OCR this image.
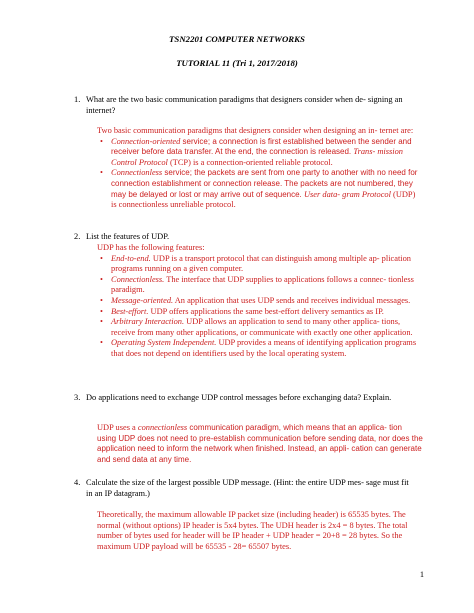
TSN2201 COMPUTER NETWORKS
TUTORIAL 11 (Tri 1, 2017/2018)
1. What are the two basic communication paradigms that designers consider when de- signing an internet?
Two basic communication paradigms that designers consider when designing an in- ternet are:
• Connection-oriented service; a connection is first established between the sender and receiver before data transfer. At the end, the connection is released. Trans- mission Control Protocol (TCP) is a connection-oriented reliable protocol.
• Connectionless service; the packets are sent from one party to another with no need for connection establishment or connection release. The packets are not numbered, they may be delayed or lost or may arrive out of sequence. User data- gram Protocol (UDP) is connectionless unreliable protocol.
2. List the features of UDP.
UDP has the following features:
• End-to-end. UDP is a transport protocol that can distinguish among multiple ap- plication programs running on a given computer.
• Connectionless. The interface that UDP supplies to applications follows a connec- tionless paradigm.
• Message-oriented. An application that uses UDP sends and receives individual messages.
• Best-effort. UDP offers applications the same best-effort delivery semantics as IP.
• Arbitrary Interaction. UDP allows an application to send to many other applica- tions, receive from many other applications, or communicate with exactly one other application.
• Operating System Independent. UDP provides a means of identifying application programs that does not depend on identifiers used by the local operating system.
3. Do applications need to exchange UDP control messages before exchanging data? Explain.
UDP uses a connectionless communication paradigm, which means that an applica- tion using UDP does not need to pre-establish communication before sending data, nor does the application need to inform the network when finished. Instead, an appli- cation can generate and send data at any time.
4. Calculate the size of the largest possible UDP message. (Hint: the entire UDP mes- sage must fit in an IP datagram.)
Theoretically, the maximum allowable IP packet size (including header) is 65535 bytes. The normal (without options) IP header is 5x4 bytes. The UDH header is 2x4 = 8 bytes. The total number of bytes used for header will be IP header + UDP header = 20+8 = 28 bytes. So the maximum UDP payload will be 65535 - 28= 65507 bytes.
1
